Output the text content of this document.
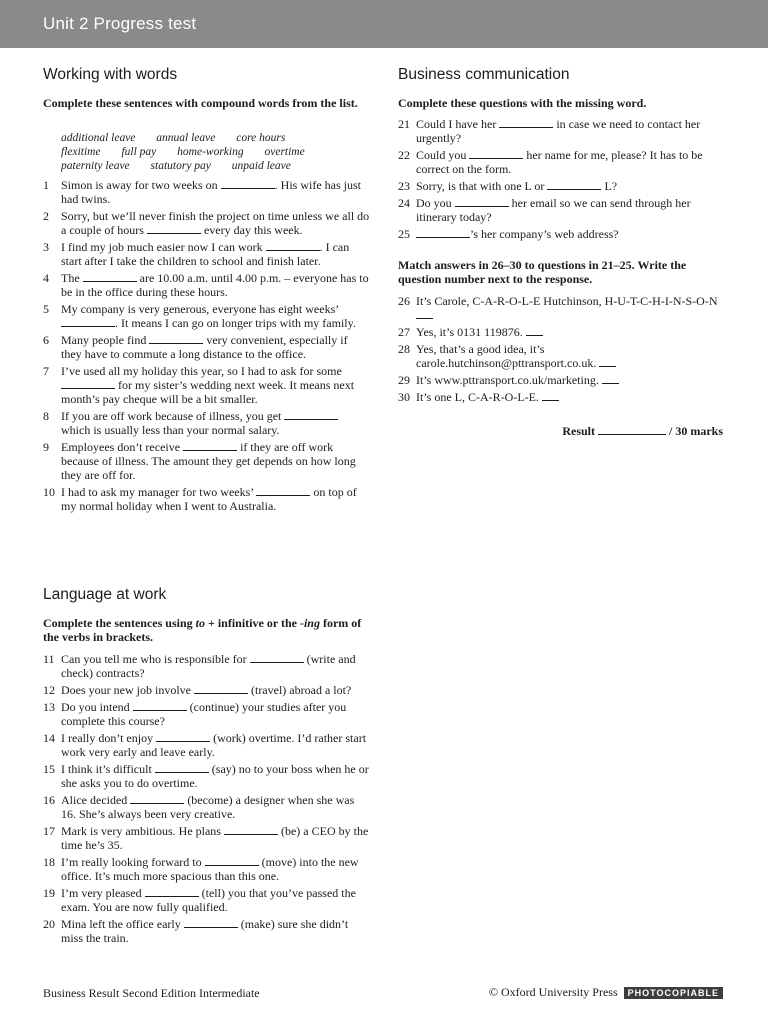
Unit 2 Progress test
Working with words

Complete these sentences with compound words from the list.

additional leave annual leave core hours flexitime full pay home-working overtime paternity leave statutory pay unpaid leave
1 Simon is away for two weeks on	. His wife has just had twins.
2 Sorry, but we’ll never finish the project on time unless we all do a couple of hours	every day this week.
3 I find my job much easier now I can work	. I can start after I take the children to school and finish later.
4 The	are 10.00 a.m. until 4.00 p.m. – everyone has to be in the office during these hours.
5 My company is very generous, everyone has eight weeks’ . It means I can go on longer trips with my family.
6 Many people find	very convenient, especially if they have to commute a long distance to the office.
7 I’ve used all my holiday this year, so I had to ask for some  for my sister’s wedding next week. It means next month’s pay cheque will be a bit smaller.
8 If you are off work because of illness, you get  which is usually less than your normal salary.
9 Employees don’t receive	if they are off work because of illness. The amount they get depends on how long they are off for.
10 I had to ask my manager for two weeks’	on top of my normal holiday when I went to Australia.
Language at work

Complete the sentences using to + infinitive or the -ing form of the verbs in brackets.

11 Can you tell me who is responsible for	(write and check) contracts?
12 Does your new job involve	(travel) abroad a lot?
13 Do you intend	(continue) your studies after you complete this course?
14 I really don’t enjoy	(work) overtime. I’d rather start work very early and leave early.
15 I think it’s difficult	(say) no to your boss when he or she asks you to do overtime.
16 Alice decided	(become) a designer when she was 16. She’s always been very creative.
17 Mark is very ambitious. He plans	(be) a CEO by the time he’s 35.
18 I’m really looking forward to	(move) into the new office. It’s much more spacious than this one.
19 I’m very pleased	(tell) you that you’ve passed the exam. You are now fully qualified.
20 Mina left the office early	(make) sure she didn’t miss the train.
Business communication

Complete these questions with the missing word.

21 Could I have her	in case we need to contact her urgently?
22 Could you	her name for me, please? It has to be correct on the form.
23 Sorry, is that with one L or	L?
24 Do you	her email so we can send through her itinerary today?
25	’s her company’s web address?

Match answers in 26–30 to questions in 21–25. Write the question number next to the response.

26 It’s Carole, C-A-R-O-L-E Hutchinson, H-U-T-C-H-I-N-S-O-N
27 Yes, it’s 0131 119876.
28 Yes, that’s a good idea, it’s carole.hutchinson@pttransport.co.uk.
29 It’s www.pttransport.co.uk/marketing.
30 It’s one L, C-A-R-O-L-E.
Result	/ 30 marks
Business Result Second Edition Intermediate	© Oxford University Press	PHOTOCOPIABLE
